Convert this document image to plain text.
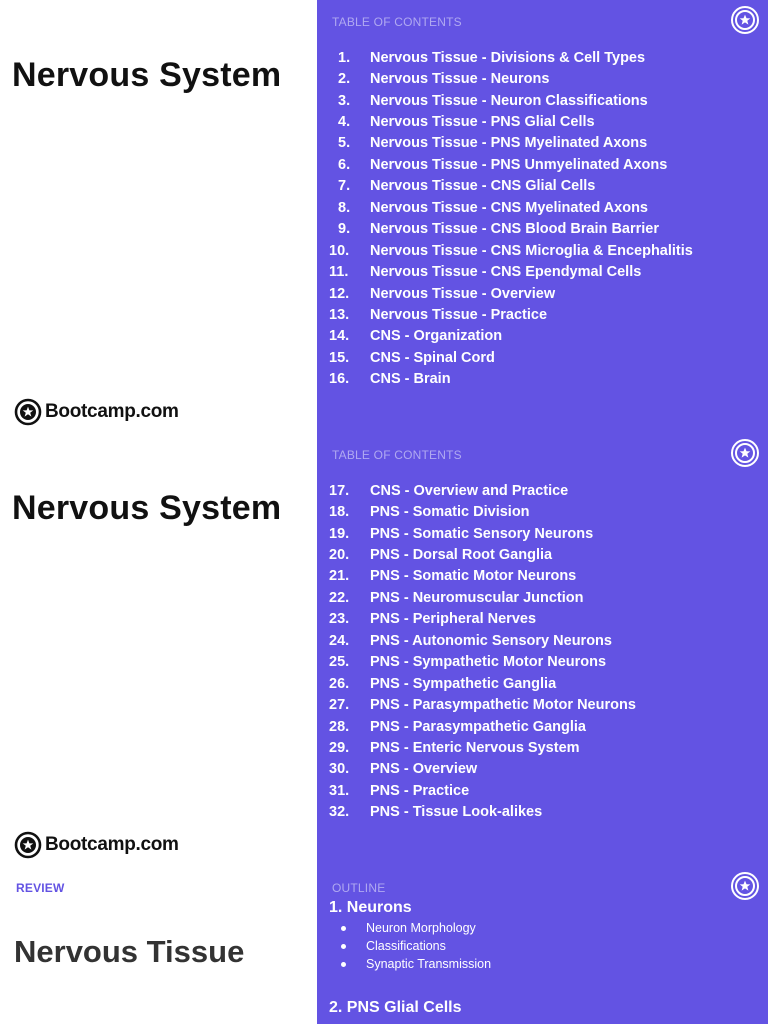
Nervous System
Bootcamp.com
TABLE OF CONTENTS
1.	Nervous Tissue - Divisions & Cell Types
2.	Nervous Tissue - Neurons
3.	Nervous Tissue - Neuron Classifications
4.	Nervous Tissue - PNS Glial Cells
5.	Nervous Tissue - PNS Myelinated Axons
6.	Nervous Tissue - PNS Unmyelinated Axons
7.	Nervous Tissue - CNS Glial Cells
8.	Nervous Tissue - CNS Myelinated Axons
9.	Nervous Tissue - CNS Blood Brain Barrier
10.	Nervous Tissue - CNS Microglia & Encephalitis
11.	Nervous Tissue - CNS Ependymal Cells
12.	Nervous Tissue - Overview
13.	Nervous Tissue - Practice
14.	CNS - Organization
15.	CNS - Spinal Cord
16.	CNS - Brain
Nervous System
Bootcamp.com
TABLE OF CONTENTS
17.	CNS - Overview and Practice
18.	PNS - Somatic Division
19.	PNS - Somatic Sensory Neurons
20.	PNS - Dorsal Root Ganglia
21.	PNS - Somatic Motor Neurons
22.	PNS - Neuromuscular Junction
23.	PNS - Peripheral Nerves
24.	PNS - Autonomic Sensory Neurons
25.	PNS - Sympathetic Motor Neurons
26.	PNS - Sympathetic Ganglia
27.	PNS - Parasympathetic Motor Neurons
28.	PNS - Parasympathetic Ganglia
29.	PNS - Enteric Nervous System
30.	PNS - Overview
31.	PNS - Practice
32.	PNS - Tissue Look-alikes
REVIEW
Nervous Tissue
OUTLINE
1. Neurons
Neuron Morphology
Classifications
Synaptic Transmission
2. PNS Glial Cells
